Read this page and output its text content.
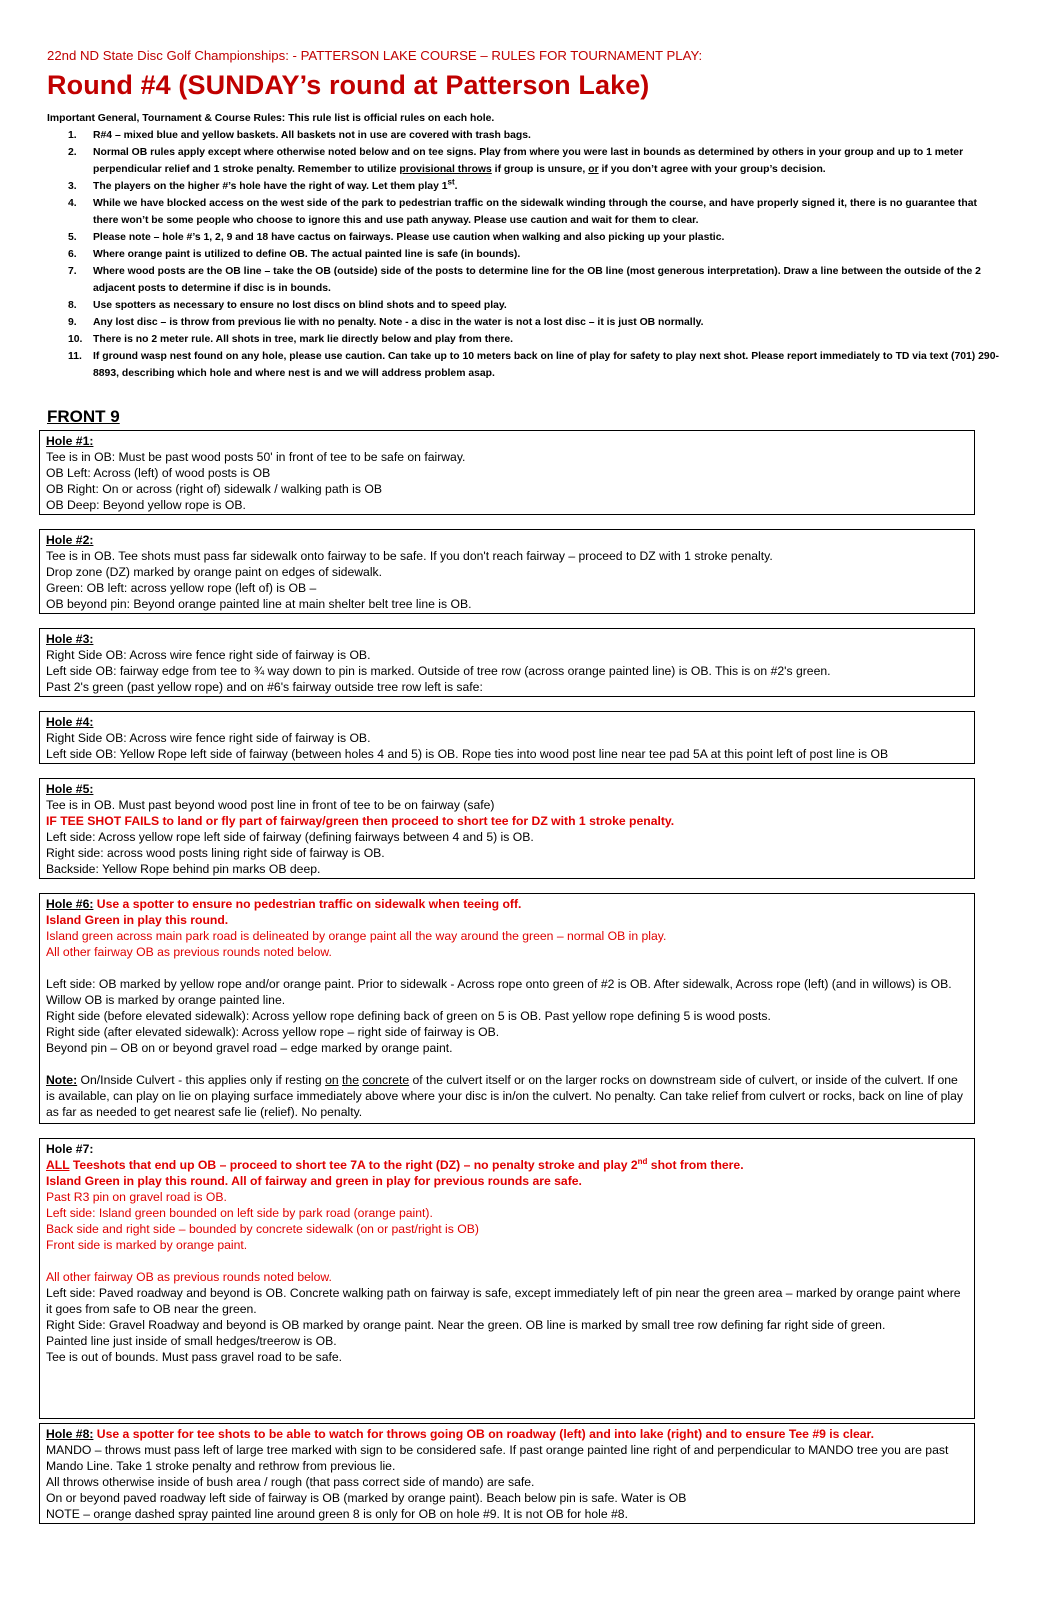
22nd ND State Disc Golf Championships: - PATTERSON LAKE COURSE – RULES FOR TOURNAMENT PLAY:
Round #4 (SUNDAY’s round at Patterson Lake)
Important General, Tournament & Course Rules: This rule list is official rules on each hole.
1. R#4 – mixed blue and yellow baskets. All baskets not in use are covered with trash bags.
2. Normal OB rules apply except where otherwise noted below and on tee signs. Play from where you were last in bounds as determined by others in your group and up to 1 meter perpendicular relief and 1 stroke penalty. Remember to utilize provisional throws if group is unsure, or if you don’t agree with your group’s decision.
3. The players on the higher #’s hole have the right of way. Let them play 1st.
4. While we have blocked access on the west side of the park to pedestrian traffic on the sidewalk winding through the course, and have properly signed it, there is no guarantee that there won’t be some people who choose to ignore this and use path anyway. Please use caution and wait for them to clear.
5. Please note – hole #’s 1, 2, 9 and 18 have cactus on fairways. Please use caution when walking and also picking up your plastic.
6. Where orange paint is utilized to define OB. The actual painted line is safe (in bounds).
7. Where wood posts are the OB line – take the OB (outside) side of the posts to determine line for the OB line (most generous interpretation). Draw a line between the outside of the 2 adjacent posts to determine if disc is in bounds.
8. Use spotters as necessary to ensure no lost discs on blind shots and to speed play.
9. Any lost disc – is throw from previous lie with no penalty. Note - a disc in the water is not a lost disc – it is just OB normally.
10. There is no 2 meter rule. All shots in tree, mark lie directly below and play from there.
11. If ground wasp nest found on any hole, please use caution. Can take up to 10 meters back on line of play for safety to play next shot. Please report immediately to TD via text (701) 290-8893, describing which hole and where nest is and we will address problem asap.
FRONT 9
Hole #1:
Tee is in OB: Must be past wood posts 50' in front of tee to be safe on fairway.
OB Left: Across (left) of wood posts is OB
OB Right: On or across (right of) sidewalk / walking path is OB
OB Deep: Beyond yellow rope is OB.
Hole #2:
Tee is in OB. Tee shots must pass far sidewalk onto fairway to be safe. If you don't reach fairway – proceed to DZ with 1 stroke penalty.
Drop zone (DZ) marked by orange paint on edges of sidewalk.
Green: OB left: across yellow rope (left of) is OB –
OB beyond pin: Beyond orange painted line at main shelter belt tree line is OB.
Hole #3:
Right Side OB: Across wire fence right side of fairway is OB.
Left side OB: fairway edge from tee to ¾ way down to pin is marked. Outside of tree row (across orange painted line) is OB. This is on #2's green.
Past 2's green (past yellow rope) and on #6's fairway outside tree row left is safe:
Hole #4:
Right Side OB: Across wire fence right side of fairway is OB.
Left side OB: Yellow Rope left side of fairway (between holes 4 and 5) is OB. Rope ties into wood post line near tee pad 5A at this point left of post line is OB
Hole #5:
Tee is in OB. Must past beyond wood post line in front of tee to be on fairway (safe)
IF TEE SHOT FAILS to land or fly part of fairway/green then proceed to short tee for DZ with 1 stroke penalty.
Left side: Across yellow rope left side of fairway (defining fairways between 4 and 5) is OB.
Right side: across wood posts lining right side of fairway is OB.
Backside: Yellow Rope behind pin marks OB deep.
Hole #6: Use a spotter to ensure no pedestrian traffic on sidewalk when teeing off.
Island Green in play this round.
Island green across main park road is delineated by orange paint all the way around the green – normal OB in play.
All other fairway OB as previous rounds noted below.
Left side: OB marked by yellow rope and/or orange paint. Prior to sidewalk - Across rope onto green of #2 is OB. After sidewalk, Across rope (left) (and in willows) is OB. Willow OB is marked by orange painted line.
Right side (before elevated sidewalk): Across yellow rope defining back of green on 5 is OB. Past yellow rope defining 5 is wood posts.
Right side (after elevated sidewalk): Across yellow rope – right side of fairway is OB.
Beyond pin – OB on or beyond gravel road – edge marked by orange paint.
Note: On/Inside Culvert - this applies only if resting on the concrete of the culvert itself or on the larger rocks on downstream side of culvert, or inside of the culvert. If one is available, can play on lie on playing surface immediately above where your disc is in/on the culvert. No penalty. Can take relief from culvert or rocks, back on line of play as far as needed to get nearest safe lie (relief). No penalty.
Hole #7:
ALL Teeshots that end up OB – proceed to short tee 7A to the right (DZ) – no penalty stroke and play 2nd shot from there.
Island Green in play this round. All of fairway and green in play for previous rounds are safe.
Past R3 pin on gravel road is OB.
Left side: Island green bounded on left side by park road (orange paint).
Back side and right side – bounded by concrete sidewalk (on or past/right is OB)
Front side is marked by orange paint.
All other fairway OB as previous rounds noted below.
Left side: Paved roadway and beyond is OB. Concrete walking path on fairway is safe, except immediately left of pin near the green area – marked by orange paint where it goes from safe to OB near the green.
Right Side: Gravel Roadway and beyond is OB marked by orange paint. Near the green. OB line is marked by small tree row defining far right side of green.
Painted line just inside of small hedges/treerow is OB.
Tee is out of bounds. Must pass gravel road to be safe.
Hole #8: Use a spotter for tee shots to be able to watch for throws going OB on roadway (left) and into lake (right) and to ensure Tee #9 is clear.
MANDO – throws must pass left of large tree marked with sign to be considered safe. If past orange painted line right of and perpendicular to MANDO tree you are past Mando Line. Take 1 stroke penalty and rethrow from previous lie.
All throws otherwise inside of bush area / rough (that pass correct side of mando) are safe.
On or beyond paved roadway left side of fairway is OB (marked by orange paint). Beach below pin is safe. Water is OB
NOTE – orange dashed spray painted line around green 8 is only for OB on hole #9. It is not OB for hole #8.
